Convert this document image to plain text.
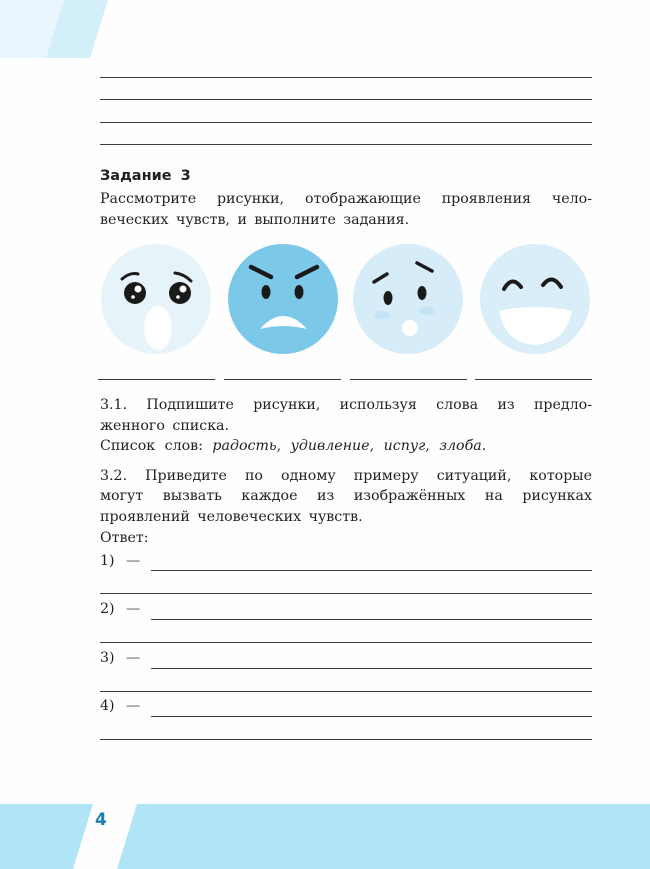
Задание 3
Рассмотрите рисунки, отображающие проявления чело-
веческих чувств, и выполните задания.
3.1. Подпишите рисунки, используя слова из предло-
женного списка.
Список слов: радость, удивление, испуг, злоба.
3.2. Приведите по одному примеру ситуаций, которые
могут вызвать каждое из изображённых на рисунках
проявлений человеческих чувств.
Ответ:
1) —
2) —
3) —
4) —
4
